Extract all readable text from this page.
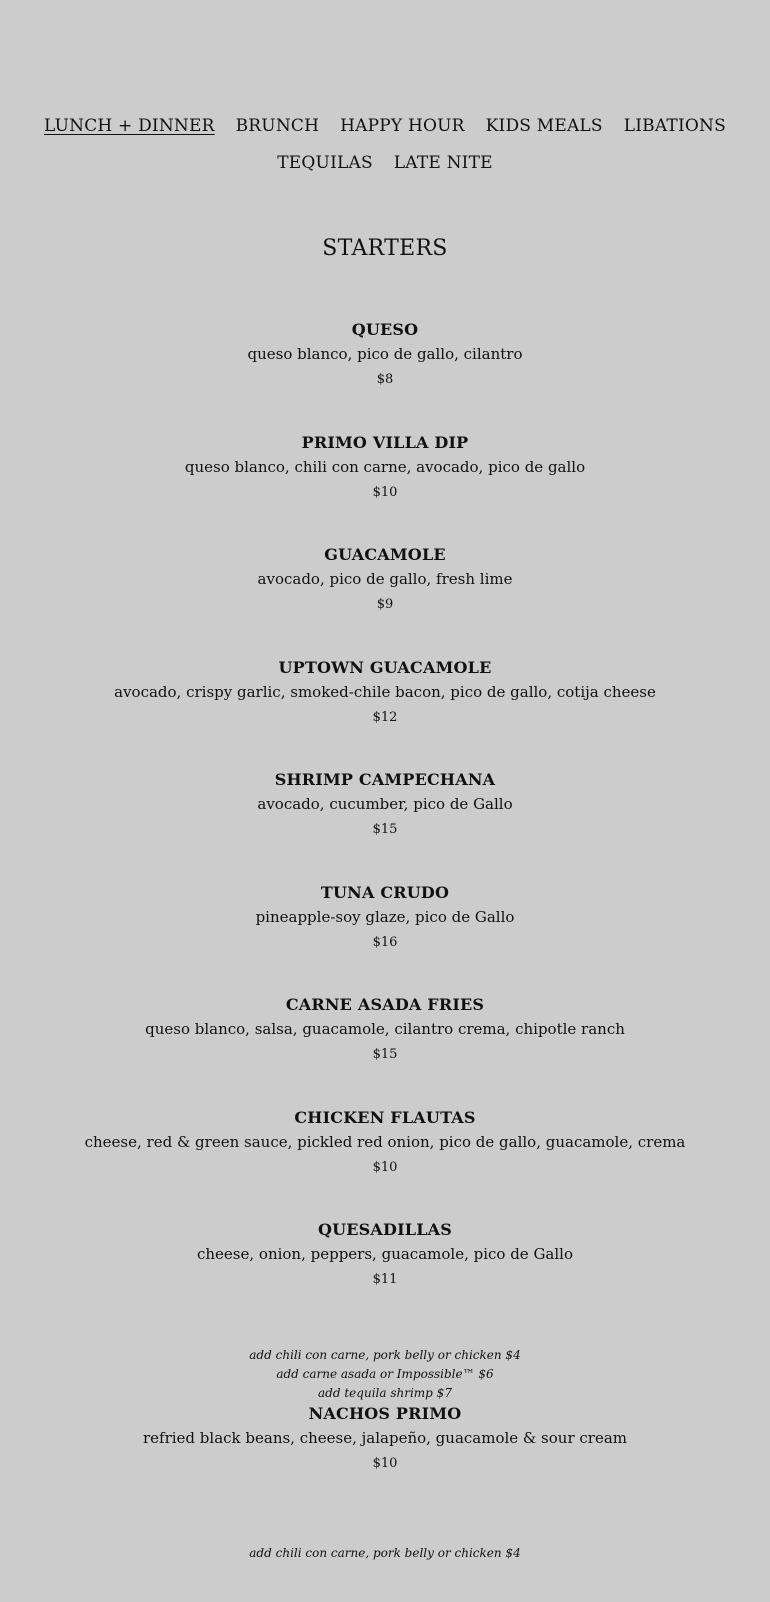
LUNCH + DINNER BRUNCH HAPPY HOUR KIDS MEALS LIBATIONS
TEQUILAS LATE NITE
STARTERS
QUESO
queso blanco, pico de gallo, cilantro
$8
PRIMO VILLA DIP
queso blanco, chili con carne, avocado, pico de gallo
$10
GUACAMOLE
avocado, pico de gallo, fresh lime
$9
UPTOWN GUACAMOLE
avocado, crispy garlic, smoked-chile bacon, pico de gallo, cotija cheese
$12
SHRIMP CAMPECHANA
avocado, cucumber, pico de Gallo
$15
TUNA CRUDO
pineapple-soy glaze, pico de Gallo
$16
CARNE ASADA FRIES
queso blanco, salsa, guacamole, cilantro crema, chipotle ranch
$15
CHICKEN FLAUTAS
cheese, red & green sauce, pickled red onion, pico de gallo, guacamole, crema
$10
QUESADILLAS
cheese, onion, peppers, guacamole, pico de Gallo
$11
add chili con carne, pork belly or chicken $4
add carne asada or Impossible™ $6
add tequila shrimp $7
NACHOS PRIMO
refried black beans, cheese, jalapeño, guacamole & sour cream
$10
add chili con carne, pork belly or chicken $4
